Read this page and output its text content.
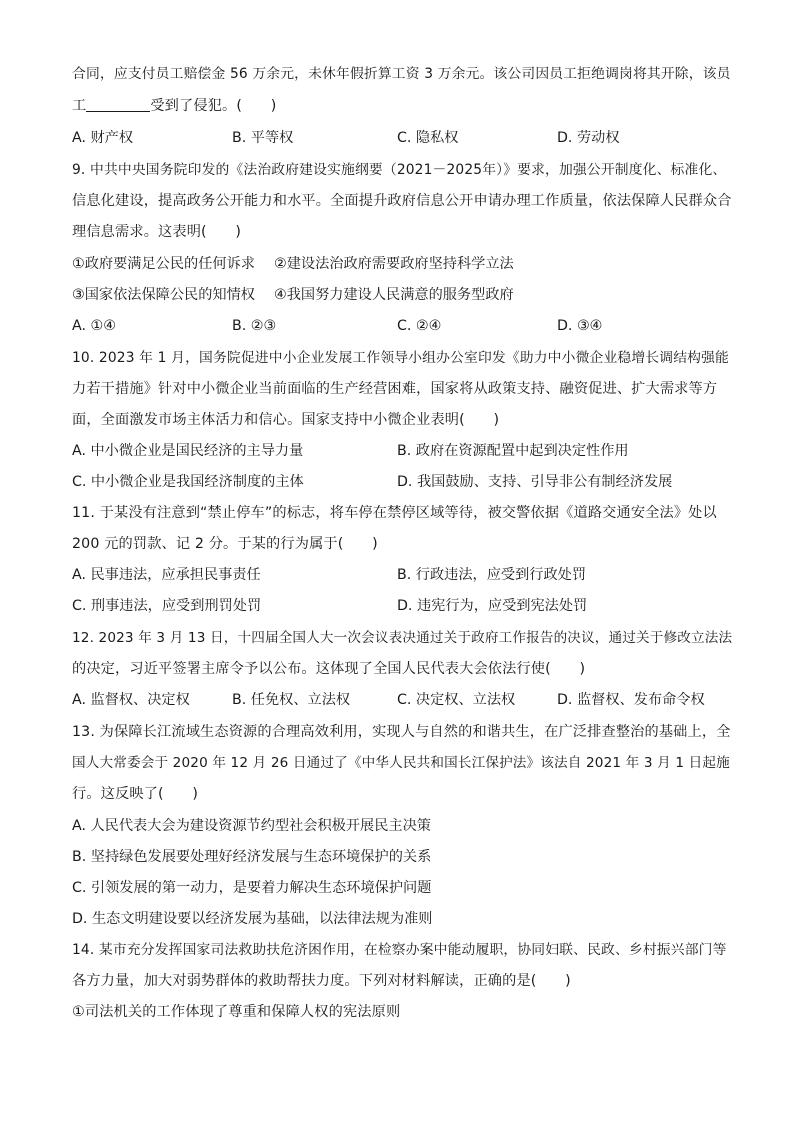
合同，应支付员工赔偿金 56 万余元，未休年假折算工资 3 万余元。该公司因员工拒绝调岗将其开除，该员
工	受到了侵犯。(　　)
A. 财产权	B. 平等权	C. 隐私权	D. 劳动权
9. 中共中央国务院印发的《法治政府建设实施纲要（2021－2025年）》要求，加强公开制度化、标准化、
信息化建设，提高政务公开能力和水平。全面提升政府信息公开申请办理工作质量，依法保障人民群众合
理信息需求。这表明(　　)
①政府要满足公民的任何诉求 ②建设法治政府需要政府坚持科学立法
③国家依法保障公民的知情权 ④我国努力建设人民满意的服务型政府
A. ①④	B. ②③	C. ②④	D. ③④
10. 2023 年 1 月，国务院促进中小企业发展工作领导小组办公室印发《助力中小微企业稳增长调结构强能
力若干措施》针对中小微企业当前面临的生产经营困难，国家将从政策支持、融资促进、扩大需求等方
面，全面激发市场主体活力和信心。国家支持中小微企业表明(　　)
A. 中小微企业是国民经济的主导力量	B. 政府在资源配置中起到决定性作用
C. 中小微企业是我国经济制度的主体	D. 我国鼓励、支持、引导非公有制经济发展
11. 于某没有注意到“禁止停车”的标志，将车停在禁停区域等待，被交警依据《道路交通安全法》处以
200 元的罚款、记 2 分。于某的行为属于(　　)
A. 民事违法，应承担民事责任	B. 行政违法，应受到行政处罚
C. 刑事违法，应受到刑罚处罚	D. 违宪行为，应受到宪法处罚
12. 2023 年 3 月 13 日，十四届全国人大一次会议表决通过关于政府工作报告的决议，通过关于修改立法法
的决定，习近平签署主席令予以公布。这体现了全国人民代表大会依法行使(　　)
A. 监督权、决定权	B. 任免权、立法权	C. 决定权、立法权	D. 监督权、发布命令权
13. 为保障长江流域生态资源的合理高效利用，实现人与自然的和谐共生，在广泛排查整治的基础上，全
国人大常委会于 2020 年 12 月 26 日通过了《中华人民共和国长江保护法》该法自 2021 年 3 月 1 日起施
行。这反映了(　　)
A. 人民代表大会为建设资源节约型社会积极开展民主决策
B. 坚持绿色发展要处理好经济发展与生态环境保护的关系
C. 引领发展的第一动力，是要着力解决生态环境保护问题
D. 生态文明建设要以经济发展为基础，以法律法规为准则
14. 某市充分发挥国家司法救助扶危济困作用，在检察办案中能动履职，协同妇联、民政、乡村振兴部门等
各方力量，加大对弱势群体的救助帮扶力度。下列对材料解读，正确的是(　　)
①司法机关的工作体现了尊重和保障人权的宪法原则
